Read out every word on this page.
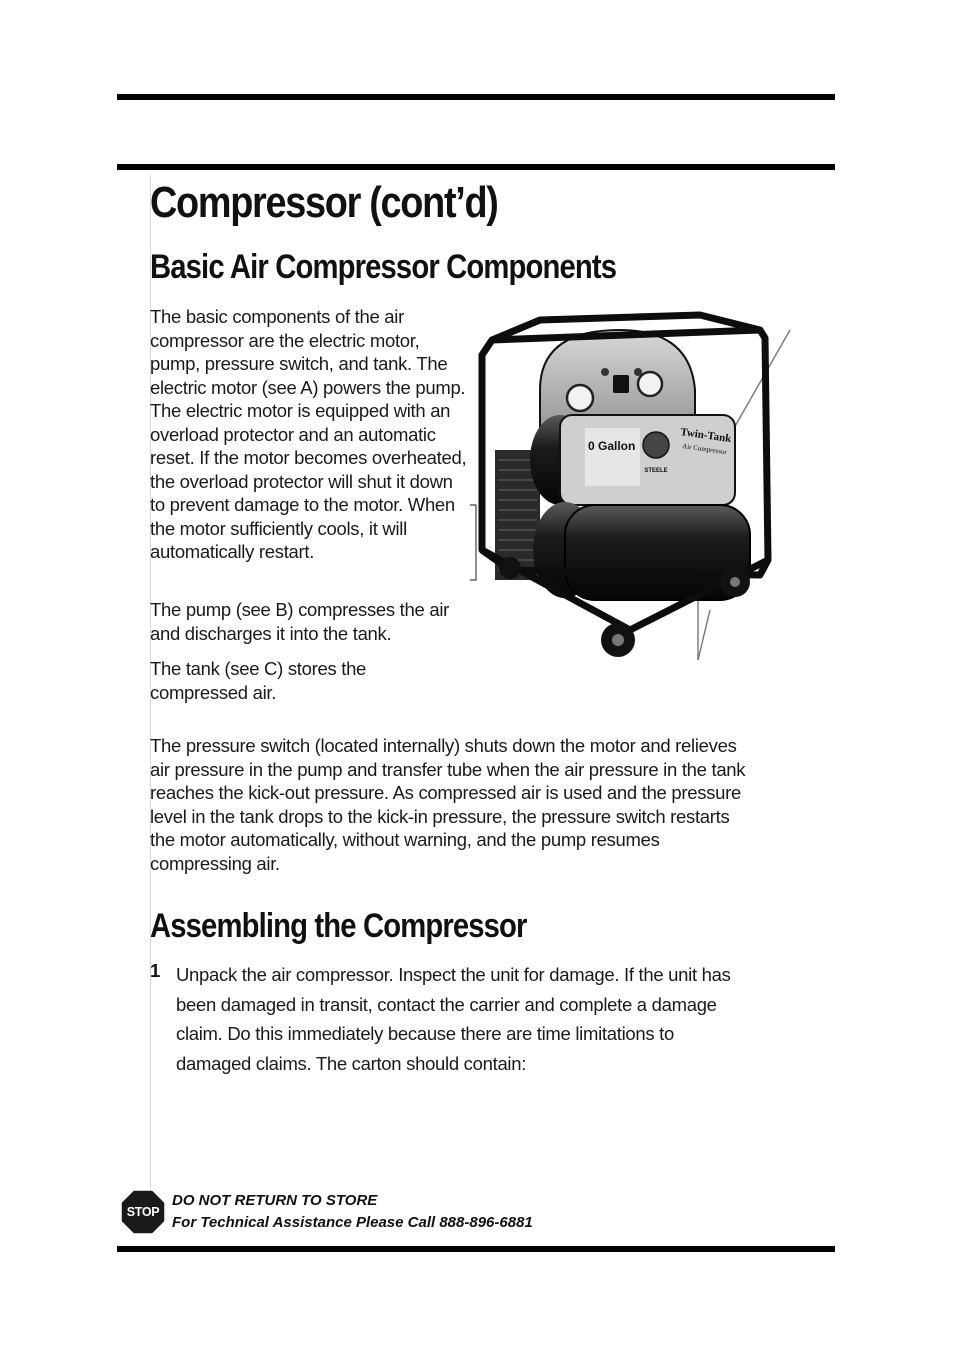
Compressor (cont’d)
Basic Air Compressor Components

The basic components of the air compressor are the electric motor, pump, pressure switch, and tank. The electric motor (see A) powers the pump. The electric motor is equipped with an overload protector and an automatic reset. If the motor becomes overheated, the overload protector will shut it down to prevent damage to the motor. When the motor sufficiently cools, it will automatically restart.

The pump (see B) compresses the air and discharges it into the tank.

The tank (see C) stores the compressed air.

The pressure switch (located internally) shuts down the motor and relieves air pressure in the pump and transfer tube when the air pressure in the tank reaches the kick-out pressure. As compressed air is used and the pressure level in the tank drops to the kick-in pressure, the pressure switch restarts the motor automatically, without warning, and the pump resumes compressing air.

0 Gallon
STEELE
Twin-Tank
Air Compressor
Assembling the Compressor
1 Unpack the air compressor. Inspect the unit for damage. If the unit has been damaged in transit, contact the carrier and complete a damage claim. Do this immediately because there are time limitations to damaged claims. The carton should contain:

STOP
DO NOT RETURN TO STORE
For Technical Assistance Please Call 888-896-6881
